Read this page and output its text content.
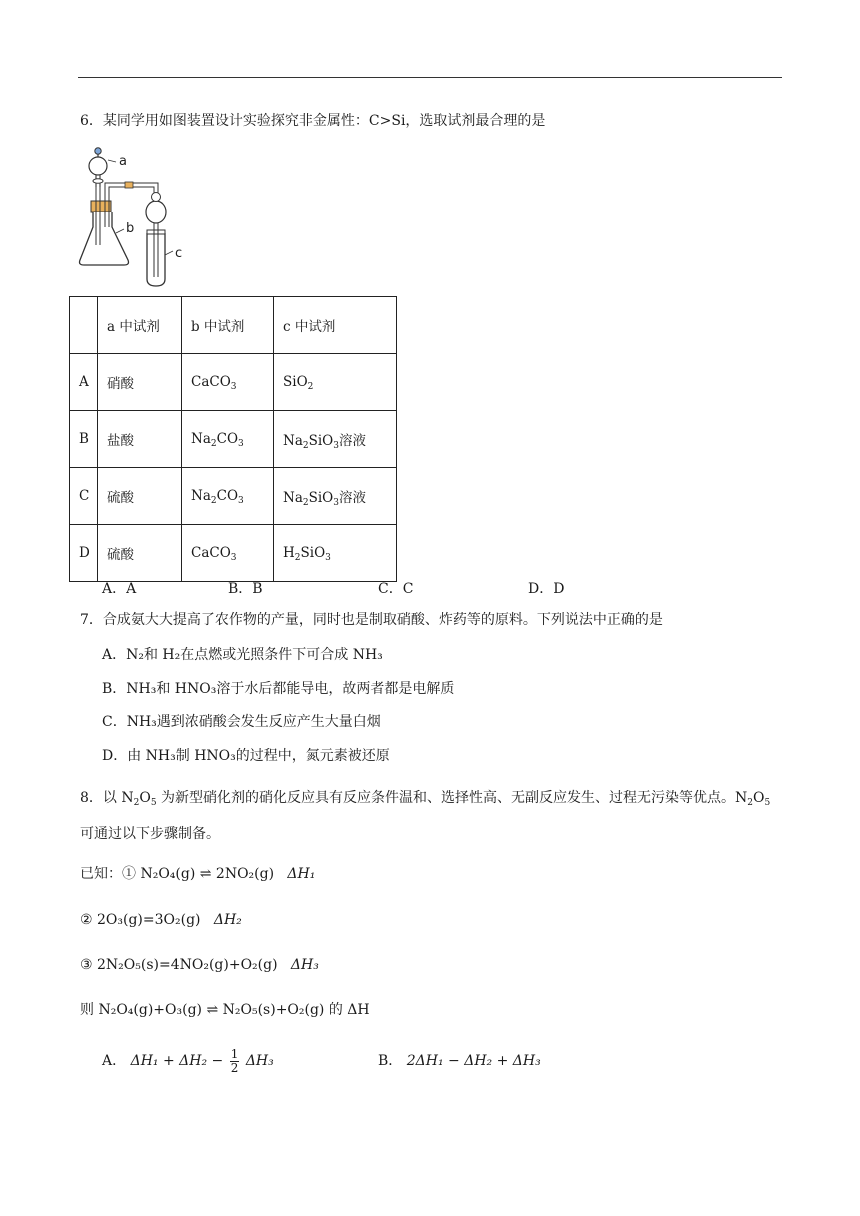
6．某同学用如图装置设计实验探究非金属性：C>Si，选取试剂最合理的是
a
b
c
	a 中试剂	b 中试剂	c 中试剂
A	硝酸	CaCO$_3$	SiO$_2$
B	盐酸	$Na_2CO_3$	$Na_2SiO_3$溶液
C	硫酸	$Na_2CO_3$	$Na_2SiO_3$溶液
D	硫酸	CaCO$_3$	$H_2SiO_3$
A．A	B．B	C．C	D．D
7．合成氨大大提高了农作物的产量，同时也是制取硝酸、炸药等的原料。下列说法中正确的是
A．N₂和 H₂在点燃或光照条件下可合成 NH₃
B．NH₃和 HNO₃溶于水后都能导电，故两者都是电解质
C．NH₃遇到浓硝酸会发生反应产生大量白烟
D．由 NH₃制 HNO₃的过程中，氮元素被还原
8．以 $N_2O_5$ 为新型硝化剂的硝化反应具有反应条件温和、选择性高、无副反应发生、过程无污染等优点。$N_2O_5$
可通过以下步骤制备。
已知：① N₂O₄(g) ⇌ 2NO₂(g) ΔH₁
② 2O₃(g)=3O₂(g) ΔH₂
③ 2N₂O₅(s)=4NO₂(g)+O₂(g) ΔH₃
则 N₂O₄(g)+O₃(g) ⇌ N₂O₅(s)+O₂(g) 的 ΔH
A． $\Delta H_1 + \Delta H_2 - \frac{1}{2} \Delta H_3$	B． 2ΔH₁ − ΔH₂ + ΔH₃
